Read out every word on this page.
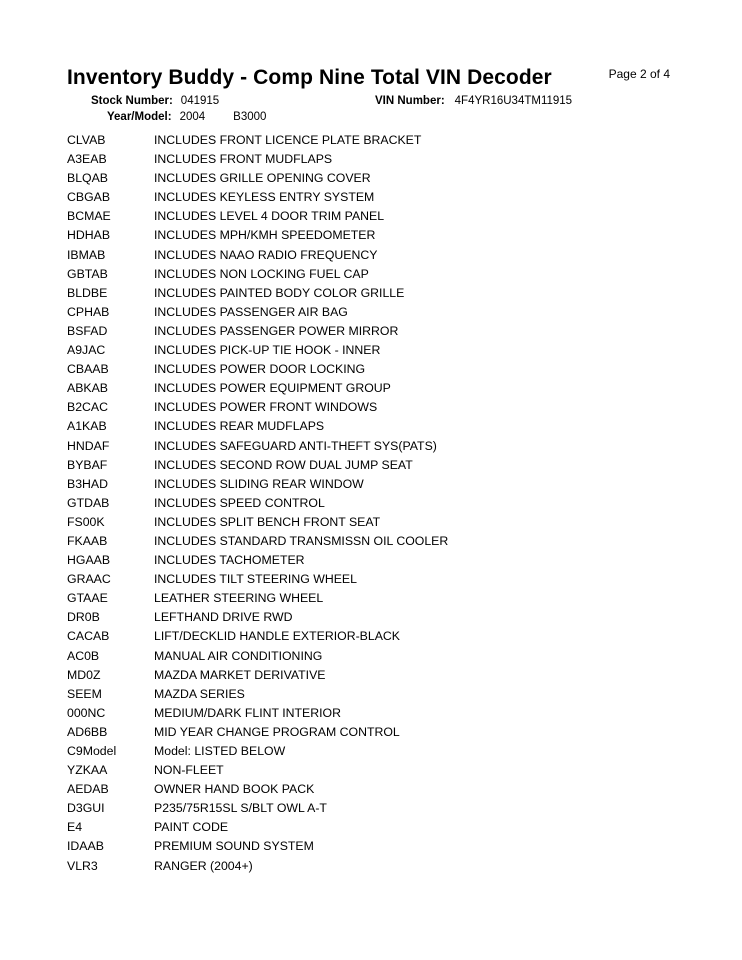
Inventory Buddy - Comp Nine Total VIN Decoder	Page 2 of 4
Stock Number: 041915	VIN Number: 4F4YR16U34TM11915
Year/Model: 2004 B3000
CLVAB	INCLUDES FRONT LICENCE PLATE BRACKET
A3EAB	INCLUDES FRONT MUDFLAPS
BLQAB	INCLUDES GRILLE OPENING COVER
CBGAB	INCLUDES KEYLESS ENTRY SYSTEM
BCMAE	INCLUDES LEVEL 4 DOOR TRIM PANEL
HDHAB	INCLUDES MPH/KMH SPEEDOMETER
IBMAB	INCLUDES NAAO RADIO FREQUENCY
GBTAB	INCLUDES NON LOCKING FUEL CAP
BLDBE	INCLUDES PAINTED BODY COLOR GRILLE
CPHAB	INCLUDES PASSENGER AIR BAG
BSFAD	INCLUDES PASSENGER POWER MIRROR
A9JAC	INCLUDES PICK-UP TIE HOOK - INNER
CBAAB	INCLUDES POWER DOOR LOCKING
ABKAB	INCLUDES POWER EQUIPMENT GROUP
B2CAC	INCLUDES POWER FRONT WINDOWS
A1KAB	INCLUDES REAR MUDFLAPS
HNDAF	INCLUDES SAFEGUARD ANTI-THEFT SYS(PATS)
BYBAF	INCLUDES SECOND ROW DUAL JUMP SEAT
B3HAD	INCLUDES SLIDING REAR WINDOW
GTDAB	INCLUDES SPEED CONTROL
FS00K	INCLUDES SPLIT BENCH FRONT SEAT
FKAAB	INCLUDES STANDARD TRANSMISSN OIL COOLER
HGAAB	INCLUDES TACHOMETER
GRAAC	INCLUDES TILT STEERING WHEEL
GTAAE	LEATHER STEERING WHEEL
DR0B	LEFTHAND DRIVE RWD
CACAB	LIFT/DECKLID HANDLE EXTERIOR-BLACK
AC0B	MANUAL AIR CONDITIONING
MD0Z	MAZDA MARKET DERIVATIVE
SEEM	MAZDA SERIES
000NC	MEDIUM/DARK FLINT INTERIOR
AD6BB	MID YEAR CHANGE PROGRAM CONTROL
C9Model	Model: LISTED BELOW
YZKAA	NON-FLEET
AEDAB	OWNER HAND BOOK PACK
D3GUI	P235/75R15SL S/BLT OWL A-T
E4	PAINT CODE
IDAAB	PREMIUM SOUND SYSTEM
VLR3	RANGER (2004+)
